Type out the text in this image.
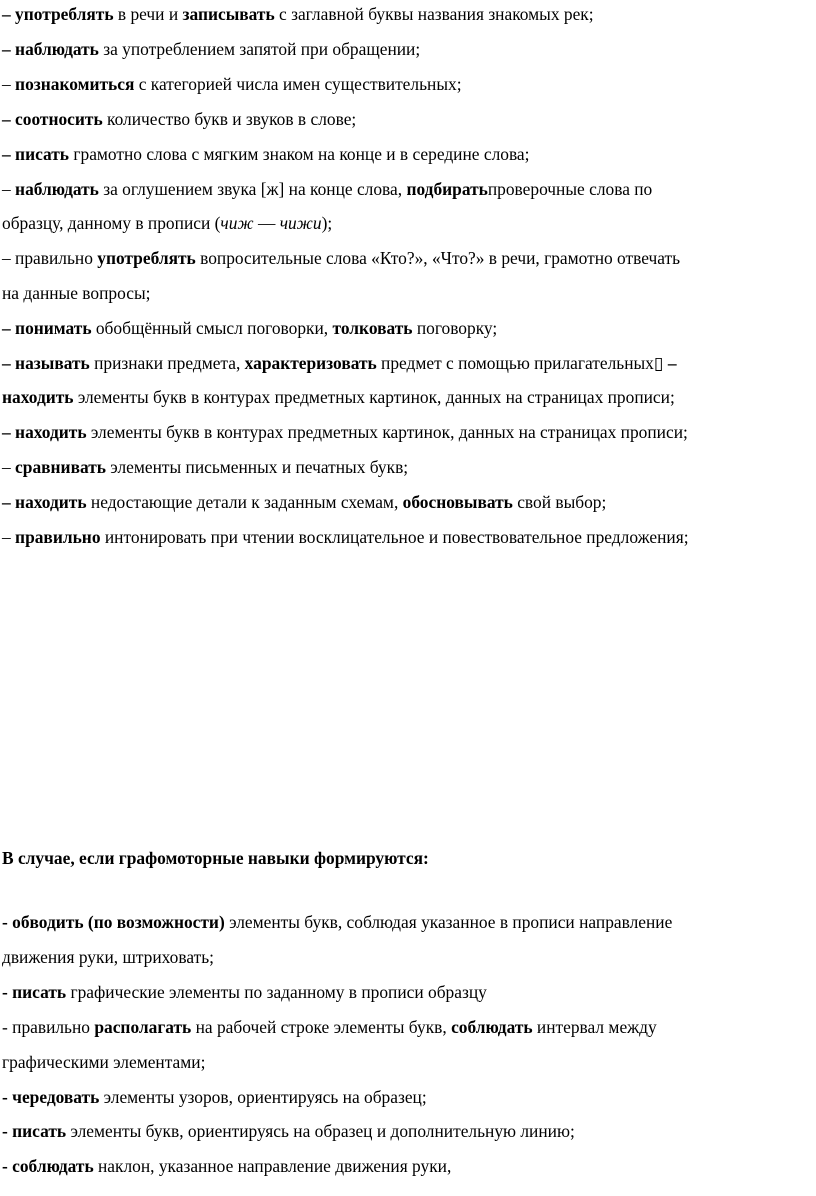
– употреблять в речи и записывать с заглавной буквы названия знакомых рек;
– наблюдать за употреблением запятой при обращении;
– познакомиться с категорией числа имен существительных;
– соотносить количество букв и звуков в слове;
– писать грамотно слова с мягким знаком на конце и в середине слова;
– наблюдать за оглушением звука [ж] на конце слова, подбиратьпроверочные слова по
образцу, данному в прописи (чиж — чижи);
– правильно употреблять вопросительные слова «Кто?», «Что?» в речи, грамотно отвечать
на данные вопросы;
– понимать обобщённый смысл поговорки, толковать поговорку;
– называть признаки предмета, характеризовать предмет с помощью прилагательных▯ –
находить элементы букв в контурах предметных картинок, данных на страницах прописи;
– находить элементы букв в контурах предметных картинок, данных на страницах прописи;
– сравнивать элементы письменных и печатных букв;
– находить недостающие детали к заданным схемам, обосновывать свой выбор;
– правильно интонировать при чтении восклицательное и повествовательное предложения;
В случае, если графомоторные навыки формируются:
- обводить (по возможности) элементы букв, соблюдая указанное в прописи направление
движения руки, штриховать;
- писать графические элементы по заданному в прописи образцу
- правильно располагать на рабочей строке элементы букв, соблюдать интервал между
графическими элементами;
- чередовать элементы узоров, ориентируясь на образец;
- писать элементы букв, ориентируясь на образец и дополнительную линию;
- соблюдать наклон, указанное направление движения руки,
